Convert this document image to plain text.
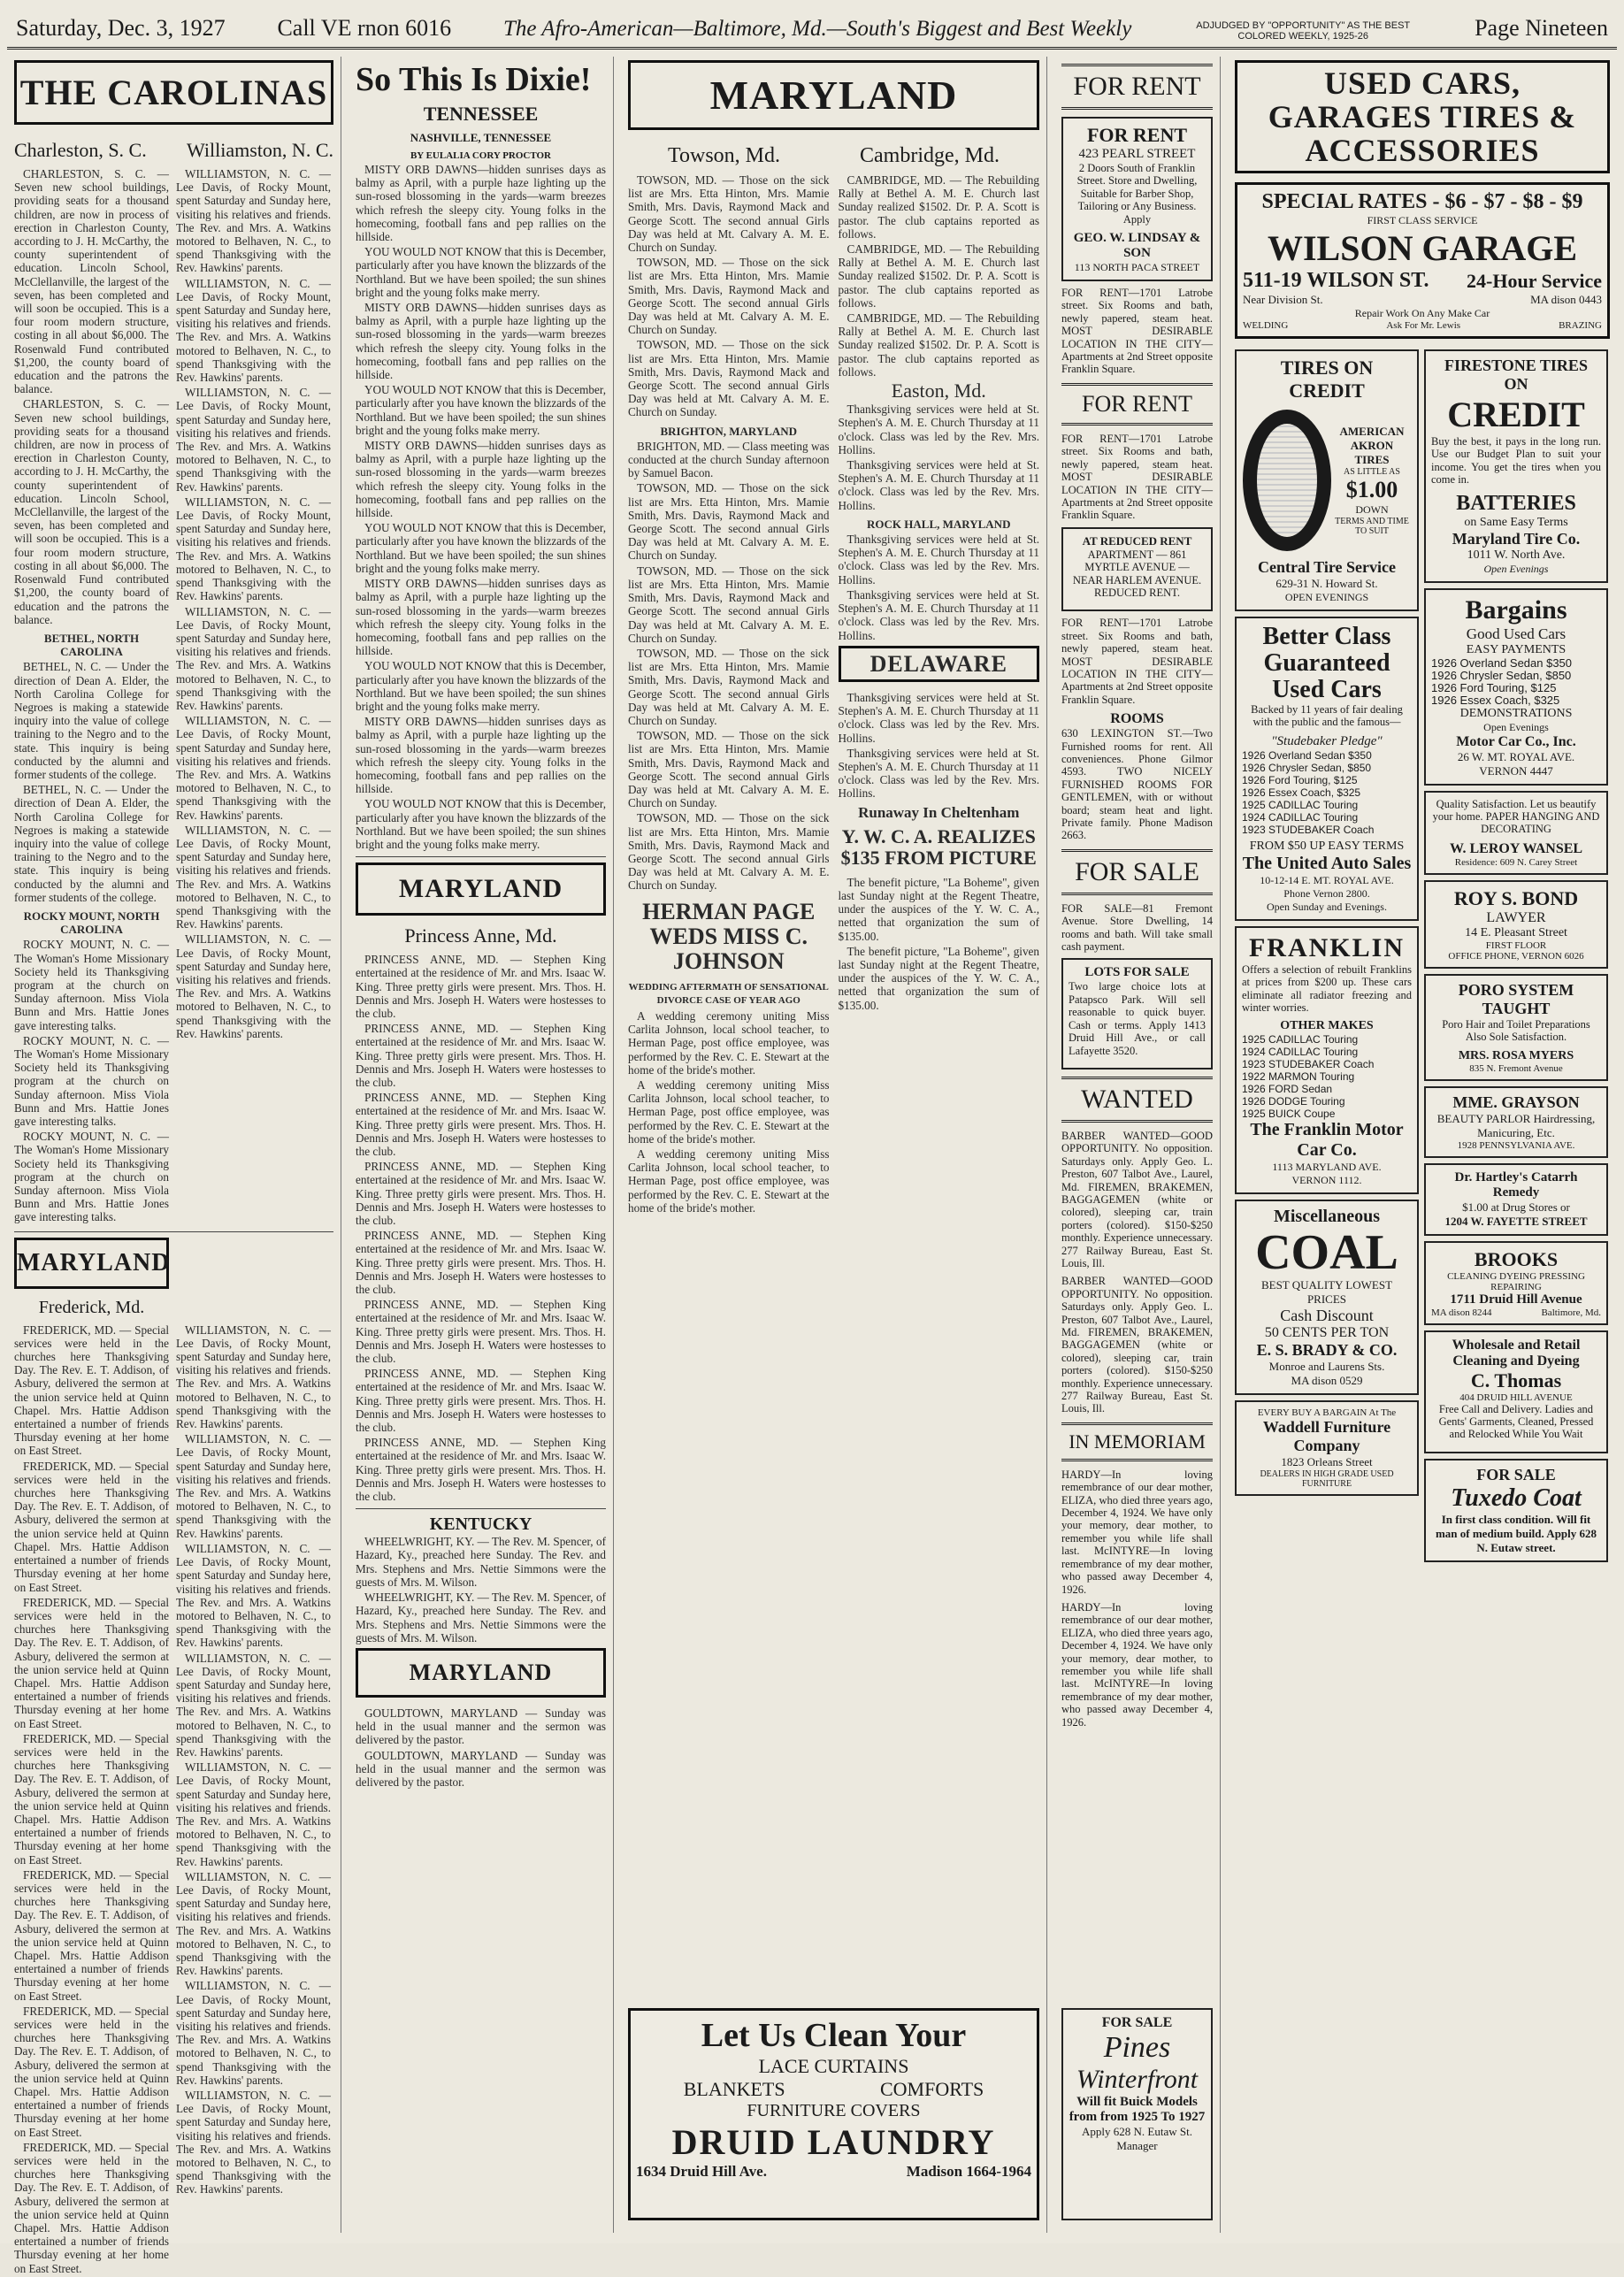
Saturday, Dec. 3, 1927 Call VE rnon 6016 The Afro-American—Baltimore, Md.—South's Biggest and Best Weekly	ADJUDGED BY "OPPORTUNITY" AS THE BEST COLORED WEEKLY, 1925-26	Page Nineteen
THE CAROLINAS
Charleston, S. C. Williamston, N. C.

CHARLESTON, S. C. — Seven new school buildings, providing seats for a thousand children, are now in process of erection in Charleston County, according to J. H. McCarthy, the county superintendent of education. Lincoln School, McClellanville, the largest of the seven, has been completed and will soon be occupied. This is a four room modern structure, costing in all about $6,000. The Rosenwald Fund contributed $1,200, the county board of education and the patrons the balance.

CHARLESTON, S. C. — Seven new school buildings, providing seats for a thousand children, are now in process of erection in Charleston County, according to J. H. McCarthy, the county superintendent of education. Lincoln School, McClellanville, the largest of the seven, has been completed and will soon be occupied. This is a four room modern structure, costing in all about $6,000. The Rosenwald Fund contributed $1,200, the county board of education and the patrons the balance.

BETHEL, NORTH CAROLINA

BETHEL, N. C. — Under the direction of Dean A. Elder, the North Carolina College for Negroes is making a statewide inquiry into the value of college training to the Negro and to the state. This inquiry is being conducted by the alumni and former students of the college.

BETHEL, N. C. — Under the direction of Dean A. Elder, the North Carolina College for Negroes is making a statewide inquiry into the value of college training to the Negro and to the state. This inquiry is being conducted by the alumni and former students of the college.

ROCKY MOUNT, NORTH CAROLINA

ROCKY MOUNT, N. C. — The Woman's Home Missionary Society held its Thanksgiving program at the church on Sunday afternoon. Miss Viola Bunn and Mrs. Hattie Jones gave interesting talks.

ROCKY MOUNT, N. C. — The Woman's Home Missionary Society held its Thanksgiving program at the church on Sunday afternoon. Miss Viola Bunn and Mrs. Hattie Jones gave interesting talks.

ROCKY MOUNT, N. C. — The Woman's Home Missionary Society held its Thanksgiving program at the church on Sunday afternoon. Miss Viola Bunn and Mrs. Hattie Jones gave interesting talks.

WILLIAMSTON, N. C. — Lee Davis, of Rocky Mount, spent Saturday and Sunday here, visiting his relatives and friends. The Rev. and Mrs. A. Watkins motored to Belhaven, N. C., to spend Thanksgiving with the Rev. Hawkins' parents.

WILLIAMSTON, N. C. — Lee Davis, of Rocky Mount, spent Saturday and Sunday here, visiting his relatives and friends. The Rev. and Mrs. A. Watkins motored to Belhaven, N. C., to spend Thanksgiving with the Rev. Hawkins' parents.

WILLIAMSTON, N. C. — Lee Davis, of Rocky Mount, spent Saturday and Sunday here, visiting his relatives and friends. The Rev. and Mrs. A. Watkins motored to Belhaven, N. C., to spend Thanksgiving with the Rev. Hawkins' parents.

WILLIAMSTON, N. C. — Lee Davis, of Rocky Mount, spent Saturday and Sunday here, visiting his relatives and friends. The Rev. and Mrs. A. Watkins motored to Belhaven, N. C., to spend Thanksgiving with the Rev. Hawkins' parents.

WILLIAMSTON, N. C. — Lee Davis, of Rocky Mount, spent Saturday and Sunday here, visiting his relatives and friends. The Rev. and Mrs. A. Watkins motored to Belhaven, N. C., to spend Thanksgiving with the Rev. Hawkins' parents.

WILLIAMSTON, N. C. — Lee Davis, of Rocky Mount, spent Saturday and Sunday here, visiting his relatives and friends. The Rev. and Mrs. A. Watkins motored to Belhaven, N. C., to spend Thanksgiving with the Rev. Hawkins' parents.

WILLIAMSTON, N. C. — Lee Davis, of Rocky Mount, spent Saturday and Sunday here, visiting his relatives and friends. The Rev. and Mrs. A. Watkins motored to Belhaven, N. C., to spend Thanksgiving with the Rev. Hawkins' parents.

WILLIAMSTON, N. C. — Lee Davis, of Rocky Mount, spent Saturday and Sunday here, visiting his relatives and friends. The Rev. and Mrs. A. Watkins motored to Belhaven, N. C., to spend Thanksgiving with the Rev. Hawkins' parents.

MARYLAND
Frederick, Md.

FREDERICK, MD. — Special services were held in the churches here Thanksgiving Day. The Rev. E. T. Addison, of Asbury, delivered the sermon at the union service held at Quinn Chapel. Mrs. Hattie Addison entertained a number of friends Thursday evening at her home on East Street.

FREDERICK, MD. — Special services were held in the churches here Thanksgiving Day. The Rev. E. T. Addison, of Asbury, delivered the sermon at the union service held at Quinn Chapel. Mrs. Hattie Addison entertained a number of friends Thursday evening at her home on East Street.

FREDERICK, MD. — Special services were held in the churches here Thanksgiving Day. The Rev. E. T. Addison, of Asbury, delivered the sermon at the union service held at Quinn Chapel. Mrs. Hattie Addison entertained a number of friends Thursday evening at her home on East Street.

FREDERICK, MD. — Special services were held in the churches here Thanksgiving Day. The Rev. E. T. Addison, of Asbury, delivered the sermon at the union service held at Quinn Chapel. Mrs. Hattie Addison entertained a number of friends Thursday evening at her home on East Street.

FREDERICK, MD. — Special services were held in the churches here Thanksgiving Day. The Rev. E. T. Addison, of Asbury, delivered the sermon at the union service held at Quinn Chapel. Mrs. Hattie Addison entertained a number of friends Thursday evening at her home on East Street.

FREDERICK, MD. — Special services were held in the churches here Thanksgiving Day. The Rev. E. T. Addison, of Asbury, delivered the sermon at the union service held at Quinn Chapel. Mrs. Hattie Addison entertained a number of friends Thursday evening at her home on East Street.

FREDERICK, MD. — Special services were held in the churches here Thanksgiving Day. The Rev. E. T. Addison, of Asbury, delivered the sermon at the union service held at Quinn Chapel. Mrs. Hattie Addison entertained a number of friends Thursday evening at her home on East Street.

WILLIAMSTON, N. C. — Lee Davis, of Rocky Mount, spent Saturday and Sunday here, visiting his relatives and friends. The Rev. and Mrs. A. Watkins motored to Belhaven, N. C., to spend Thanksgiving with the Rev. Hawkins' parents.

WILLIAMSTON, N. C. — Lee Davis, of Rocky Mount, spent Saturday and Sunday here, visiting his relatives and friends. The Rev. and Mrs. A. Watkins motored to Belhaven, N. C., to spend Thanksgiving with the Rev. Hawkins' parents.

WILLIAMSTON, N. C. — Lee Davis, of Rocky Mount, spent Saturday and Sunday here, visiting his relatives and friends. The Rev. and Mrs. A. Watkins motored to Belhaven, N. C., to spend Thanksgiving with the Rev. Hawkins' parents.

WILLIAMSTON, N. C. — Lee Davis, of Rocky Mount, spent Saturday and Sunday here, visiting his relatives and friends. The Rev. and Mrs. A. Watkins motored to Belhaven, N. C., to spend Thanksgiving with the Rev. Hawkins' parents.

WILLIAMSTON, N. C. — Lee Davis, of Rocky Mount, spent Saturday and Sunday here, visiting his relatives and friends. The Rev. and Mrs. A. Watkins motored to Belhaven, N. C., to spend Thanksgiving with the Rev. Hawkins' parents.

WILLIAMSTON, N. C. — Lee Davis, of Rocky Mount, spent Saturday and Sunday here, visiting his relatives and friends. The Rev. and Mrs. A. Watkins motored to Belhaven, N. C., to spend Thanksgiving with the Rev. Hawkins' parents.

WILLIAMSTON, N. C. — Lee Davis, of Rocky Mount, spent Saturday and Sunday here, visiting his relatives and friends. The Rev. and Mrs. A. Watkins motored to Belhaven, N. C., to spend Thanksgiving with the Rev. Hawkins' parents.

WILLIAMSTON, N. C. — Lee Davis, of Rocky Mount, spent Saturday and Sunday here, visiting his relatives and friends. The Rev. and Mrs. A. Watkins motored to Belhaven, N. C., to spend Thanksgiving with the Rev. Hawkins' parents.

So This Is Dixie!
TENNESSEE
NASHVILLE, TENNESSEE
BY EULALIA CORY PROCTOR

MISTY ORB DAWNS—hidden sunrises days as balmy as April, with a purple haze lighting up the sun-rosed blossoming in the yards—warm breezes which refresh the sleepy city. Young folks in the homecoming, football fans and pep rallies on the hillside.

YOU WOULD NOT KNOW that this is December, particularly after you have known the blizzards of the Northland. But we have been spoiled; the sun shines bright and the young folks make merry.

MISTY ORB DAWNS—hidden sunrises days as balmy as April, with a purple haze lighting up the sun-rosed blossoming in the yards—warm breezes which refresh the sleepy city. Young folks in the homecoming, football fans and pep rallies on the hillside.

YOU WOULD NOT KNOW that this is December, particularly after you have known the blizzards of the Northland. But we have been spoiled; the sun shines bright and the young folks make merry.

MISTY ORB DAWNS—hidden sunrises days as balmy as April, with a purple haze lighting up the sun-rosed blossoming in the yards—warm breezes which refresh the sleepy city. Young folks in the homecoming, football fans and pep rallies on the hillside.

YOU WOULD NOT KNOW that this is December, particularly after you have known the blizzards of the Northland. But we have been spoiled; the sun shines bright and the young folks make merry.

MISTY ORB DAWNS—hidden sunrises days as balmy as April, with a purple haze lighting up the sun-rosed blossoming in the yards—warm breezes which refresh the sleepy city. Young folks in the homecoming, football fans and pep rallies on the hillside.

YOU WOULD NOT KNOW that this is December, particularly after you have known the blizzards of the Northland. But we have been spoiled; the sun shines bright and the young folks make merry.

MISTY ORB DAWNS—hidden sunrises days as balmy as April, with a purple haze lighting up the sun-rosed blossoming in the yards—warm breezes which refresh the sleepy city. Young folks in the homecoming, football fans and pep rallies on the hillside.

YOU WOULD NOT KNOW that this is December, particularly after you have known the blizzards of the Northland. But we have been spoiled; the sun shines bright and the young folks make merry.

MARYLAND
Princess Anne, Md.

PRINCESS ANNE, MD. — Stephen King entertained at the residence of Mr. and Mrs. Isaac W. King. Three pretty girls were present. Mrs. Thos. H. Dennis and Mrs. Joseph H. Waters were hostesses to the club.

PRINCESS ANNE, MD. — Stephen King entertained at the residence of Mr. and Mrs. Isaac W. King. Three pretty girls were present. Mrs. Thos. H. Dennis and Mrs. Joseph H. Waters were hostesses to the club.

PRINCESS ANNE, MD. — Stephen King entertained at the residence of Mr. and Mrs. Isaac W. King. Three pretty girls were present. Mrs. Thos. H. Dennis and Mrs. Joseph H. Waters were hostesses to the club.

PRINCESS ANNE, MD. — Stephen King entertained at the residence of Mr. and Mrs. Isaac W. King. Three pretty girls were present. Mrs. Thos. H. Dennis and Mrs. Joseph H. Waters were hostesses to the club.

PRINCESS ANNE, MD. — Stephen King entertained at the residence of Mr. and Mrs. Isaac W. King. Three pretty girls were present. Mrs. Thos. H. Dennis and Mrs. Joseph H. Waters were hostesses to the club.

PRINCESS ANNE, MD. — Stephen King entertained at the residence of Mr. and Mrs. Isaac W. King. Three pretty girls were present. Mrs. Thos. H. Dennis and Mrs. Joseph H. Waters were hostesses to the club.

PRINCESS ANNE, MD. — Stephen King entertained at the residence of Mr. and Mrs. Isaac W. King. Three pretty girls were present. Mrs. Thos. H. Dennis and Mrs. Joseph H. Waters were hostesses to the club.

PRINCESS ANNE, MD. — Stephen King entertained at the residence of Mr. and Mrs. Isaac W. King. Three pretty girls were present. Mrs. Thos. H. Dennis and Mrs. Joseph H. Waters were hostesses to the club.

KENTUCKY

WHEELWRIGHT, KY. — The Rev. M. Spencer, of Hazard, Ky., preached here Sunday. The Rev. and Mrs. Stephens and Mrs. Nettie Simmons were the guests of Mrs. M. Wilson.

WHEELWRIGHT, KY. — The Rev. M. Spencer, of Hazard, Ky., preached here Sunday. The Rev. and Mrs. Stephens and Mrs. Nettie Simmons were the guests of Mrs. M. Wilson.

MARYLAND

GOULDTOWN, MARYLAND — Sunday was held in the usual manner and the sermon was delivered by the pastor.

GOULDTOWN, MARYLAND — Sunday was held in the usual manner and the sermon was delivered by the pastor.

MARYLAND
Towson, Md.	Cambridge, Md.

TOWSON, MD. — Those on the sick list are Mrs. Etta Hinton, Mrs. Mamie Smith, Mrs. Davis, Raymond Mack and George Scott. The second annual Girls Day was held at Mt. Calvary A. M. E. Church on Sunday.

TOWSON, MD. — Those on the sick list are Mrs. Etta Hinton, Mrs. Mamie Smith, Mrs. Davis, Raymond Mack and George Scott. The second annual Girls Day was held at Mt. Calvary A. M. E. Church on Sunday.

TOWSON, MD. — Those on the sick list are Mrs. Etta Hinton, Mrs. Mamie Smith, Mrs. Davis, Raymond Mack and George Scott. The second annual Girls Day was held at Mt. Calvary A. M. E. Church on Sunday.

BRIGHTON, MARYLAND

BRIGHTON, MD. — Class meeting was conducted at the church Sunday afternoon by Samuel Bacon.

TOWSON, MD. — Those on the sick list are Mrs. Etta Hinton, Mrs. Mamie Smith, Mrs. Davis, Raymond Mack and George Scott. The second annual Girls Day was held at Mt. Calvary A. M. E. Church on Sunday.

TOWSON, MD. — Those on the sick list are Mrs. Etta Hinton, Mrs. Mamie Smith, Mrs. Davis, Raymond Mack and George Scott. The second annual Girls Day was held at Mt. Calvary A. M. E. Church on Sunday.

TOWSON, MD. — Those on the sick list are Mrs. Etta Hinton, Mrs. Mamie Smith, Mrs. Davis, Raymond Mack and George Scott. The second annual Girls Day was held at Mt. Calvary A. M. E. Church on Sunday.

TOWSON, MD. — Those on the sick list are Mrs. Etta Hinton, Mrs. Mamie Smith, Mrs. Davis, Raymond Mack and George Scott. The second annual Girls Day was held at Mt. Calvary A. M. E. Church on Sunday.

TOWSON, MD. — Those on the sick list are Mrs. Etta Hinton, Mrs. Mamie Smith, Mrs. Davis, Raymond Mack and George Scott. The second annual Girls Day was held at Mt. Calvary A. M. E. Church on Sunday.

HERMAN PAGE WEDS MISS C. JOHNSON
WEDDING AFTERMATH OF SENSATIONAL DIVORCE CASE OF YEAR AGO

A wedding ceremony uniting Miss Carlita Johnson, local school teacher, to Herman Page, post office employee, was performed by the Rev. C. E. Stewart at the home of the bride's mother.

A wedding ceremony uniting Miss Carlita Johnson, local school teacher, to Herman Page, post office employee, was performed by the Rev. C. E. Stewart at the home of the bride's mother.

A wedding ceremony uniting Miss Carlita Johnson, local school teacher, to Herman Page, post office employee, was performed by the Rev. C. E. Stewart at the home of the bride's mother.

CAMBRIDGE, MD. — The Rebuilding Rally at Bethel A. M. E. Church last Sunday realized $1502. Dr. P. A. Scott is pastor. The club captains reported as follows.

CAMBRIDGE, MD. — The Rebuilding Rally at Bethel A. M. E. Church last Sunday realized $1502. Dr. P. A. Scott is pastor. The club captains reported as follows.

CAMBRIDGE, MD. — The Rebuilding Rally at Bethel A. M. E. Church last Sunday realized $1502. Dr. P. A. Scott is pastor. The club captains reported as follows.

Easton, Md.

Thanksgiving services were held at St. Stephen's A. M. E. Church Thursday at 11 o'clock. Class was led by the Rev. Mrs. Hollins.

Thanksgiving services were held at St. Stephen's A. M. E. Church Thursday at 11 o'clock. Class was led by the Rev. Mrs. Hollins.

ROCK HALL, MARYLAND

Thanksgiving services were held at St. Stephen's A. M. E. Church Thursday at 11 o'clock. Class was led by the Rev. Mrs. Hollins.

Thanksgiving services were held at St. Stephen's A. M. E. Church Thursday at 11 o'clock. Class was led by the Rev. Mrs. Hollins.

DELAWARE

Thanksgiving services were held at St. Stephen's A. M. E. Church Thursday at 11 o'clock. Class was led by the Rev. Mrs. Hollins.

Thanksgiving services were held at St. Stephen's A. M. E. Church Thursday at 11 o'clock. Class was led by the Rev. Mrs. Hollins.

Runaway In Cheltenham
Y. W. C. A. REALIZES $135 FROM PICTURE

The benefit picture, "La Boheme", given last Sunday night at the Regent Theatre, under the auspices of the Y. W. C. A., netted that organization the sum of $135.00.

The benefit picture, "La Boheme", given last Sunday night at the Regent Theatre, under the auspices of the Y. W. C. A., netted that organization the sum of $135.00.

Let Us Clean Your
LACE CURTAINS
BLANKETS	COMFORTS
FURNITURE COVERS
DRUID LAUNDRY
1634 Druid Hill Ave.	Madison 1664-1964
FOR RENT
FOR RENT
423 PEARL STREET
2 Doors South of Franklin Street. Store and Dwelling, Suitable for Barber Shop, Tailoring or Any Business. Apply
GEO. W. LINDSAY & SON
113 NORTH PACA STREET
FOR RENT—1701 Latrobe street. Six Rooms and bath, newly papered, steam heat. MOST DESIRABLE LOCATION IN THE CITY—Apartments at 2nd Street opposite Franklin Square.
FOR RENT
FOR RENT—1701 Latrobe street. Six Rooms and bath, newly papered, steam heat. MOST DESIRABLE LOCATION IN THE CITY—Apartments at 2nd Street opposite Franklin Square.
AT REDUCED RENT
APARTMENT — 861 MYRTLE AVENUE — NEAR HARLEM AVENUE. REDUCED RENT.
FOR RENT—1701 Latrobe street. Six Rooms and bath, newly papered, steam heat. MOST DESIRABLE LOCATION IN THE CITY—Apartments at 2nd Street opposite Franklin Square.
ROOMS
630 LEXINGTON ST.—Two Furnished rooms for rent. All conveniences. Phone Gilmor 4593. TWO NICELY FURNISHED ROOMS FOR GENTLEMEN, with or without board; steam heat and light. Private family. Phone Madison 2663.
FOR SALE
FOR SALE—81 Fremont Avenue. Store Dwelling, 14 rooms and bath. Will take small cash payment.
LOTS FOR SALE
Two large choice lots at Patapsco Park. Will sell reasonable to quick buyer. Cash or terms. Apply 1413 Druid Hill Ave., or call Lafayette 3520.
WANTED
BARBER WANTED—GOOD OPPORTUNITY. No opposition. Saturdays only. Apply Geo. L. Preston, 607 Talbot Ave., Laurel, Md. FIREMEN, BRAKEMEN, BAGGAGEMEN (white or colored), sleeping car, train porters (colored). $150-$250 monthly. Experience unnecessary. 277 Railway Bureau, East St. Louis, Ill.
BARBER WANTED—GOOD OPPORTUNITY. No opposition. Saturdays only. Apply Geo. L. Preston, 607 Talbot Ave., Laurel, Md. FIREMEN, BRAKEMEN, BAGGAGEMEN (white or colored), sleeping car, train porters (colored). $150-$250 monthly. Experience unnecessary. 277 Railway Bureau, East St. Louis, Ill.
IN MEMORIAM
HARDY—In loving remembrance of our dear mother, ELIZA, who died three years ago, December 4, 1924. We have only your memory, dear mother, to remember you while life shall last. McINTYRE—In loving remembrance of my dear mother, who passed away December 4, 1926.
HARDY—In loving remembrance of our dear mother, ELIZA, who died three years ago, December 4, 1924. We have only your memory, dear mother, to remember you while life shall last. McINTYRE—In loving remembrance of my dear mother, who passed away December 4, 1926.
FOR SALE
Pines
Winterfront
Will fit Buick Models from from 1925 To 1927
Apply 628 N. Eutaw St. Manager
USED CARS, GARAGES TIRES & ACCESSORIES
SPECIAL RATES - $6 - $7 - $8 - $9
FIRST CLASS SERVICE
WILSON GARAGE
511-19 WILSON ST. 24-Hour Service
Near Division St.	MA dison 0443
Repair Work On Any Make Car
WELDING	Ask For Mr. Lewis	BRAZING
TIRES ON CREDIT
AMERICAN AKRON TIRES
AS LITTLE AS
$1.00
DOWN
TERMS AND TIME TO SUIT
Central Tire Service
629-31 N. Howard St.
OPEN EVENINGS
Better Class Guaranteed Used Cars
Backed by 11 years of fair dealing with the public and the famous—
"Studebaker Pledge"
1926 Overland Sedan $350
1926 Chrysler Sedan, $850
1926 Ford Touring, $125
1926 Essex Coach, $325
1925 CADILLAC Touring
1924 CADILLAC Touring
1923 STUDEBAKER Coach
FROM $50 UP EASY TERMS
The United Auto Sales
10-12-14 E. MT. ROYAL AVE.
Phone Vernon 2800.
Open Sunday and Evenings.
FRANKLIN
Offers a selection of rebuilt Franklins at prices from $200 up. These cars eliminate all radiator freezing and winter worries.
OTHER MAKES
1925 CADILLAC Touring
1924 CADILLAC Touring
1923 STUDEBAKER Coach
1922 MARMON Touring
1926 FORD Sedan
1926 DODGE Touring
1925 BUICK Coupe
The Franklin Motor Car Co.
1113 MARYLAND AVE.
VERNON 1112.
Miscellaneous
COAL
BEST QUALITY LOWEST PRICES
Cash Discount
50 CENTS PER TON
E. S. BRADY & CO.
Monroe and Laurens Sts.
MA dison 0529
EVERY BUY A BARGAIN At The
Waddell Furniture Company
1823 Orleans Street
DEALERS IN HIGH GRADE USED FURNITURE
FIRESTONE TIRES ON
CREDIT
Buy the best, it pays in the long run. Use our Budget Plan to suit your income. You get the tires when you come in.
BATTERIES
on Same Easy Terms
Maryland Tire Co.
1011 W. North Ave.
Open Evenings
Bargains
Good Used Cars
EASY PAYMENTS
1926 Overland Sedan $350
1926 Chrysler Sedan, $850
1926 Ford Touring, $125
1926 Essex Coach, $325
DEMONSTRATIONS
Open Evenings
Motor Car Co., Inc.
26 W. MT. ROYAL AVE.
VERNON 4447
Quality Satisfaction. Let us beautify your home. PAPER HANGING AND DECORATING
W. LEROY WANSEL
Residence: 609 N. Carey Street
ROY S. BOND
LAWYER
14 E. Pleasant Street
FIRST FLOOR
OFFICE PHONE, VERNON 6026
PORO SYSTEM TAUGHT
Poro Hair and Toilet Preparations Also Sole Satisfaction.
MRS. ROSA MYERS
835 N. Fremont Avenue
MME. GRAYSON
BEAUTY PARLOR Hairdressing, Manicuring, Etc.
1928 PENNSYLVANIA AVE.
Dr. Hartley's Catarrh Remedy
$1.00 at Drug Stores or
1204 W. FAYETTE STREET
BROOKS
CLEANING DYEING PRESSING REPAIRING
1711 Druid Hill Avenue
MA dison 8244	Baltimore, Md.
Wholesale and Retail Cleaning and Dyeing
C. Thomas
404 DRUID HILL AVENUE
Free Call and Delivery. Ladies and Gents' Garments, Cleaned, Pressed and Relocked While You Wait
FOR SALE
Tuxedo Coat
In first class condition. Will fit man of medium build. Apply 628 N. Eutaw street.
